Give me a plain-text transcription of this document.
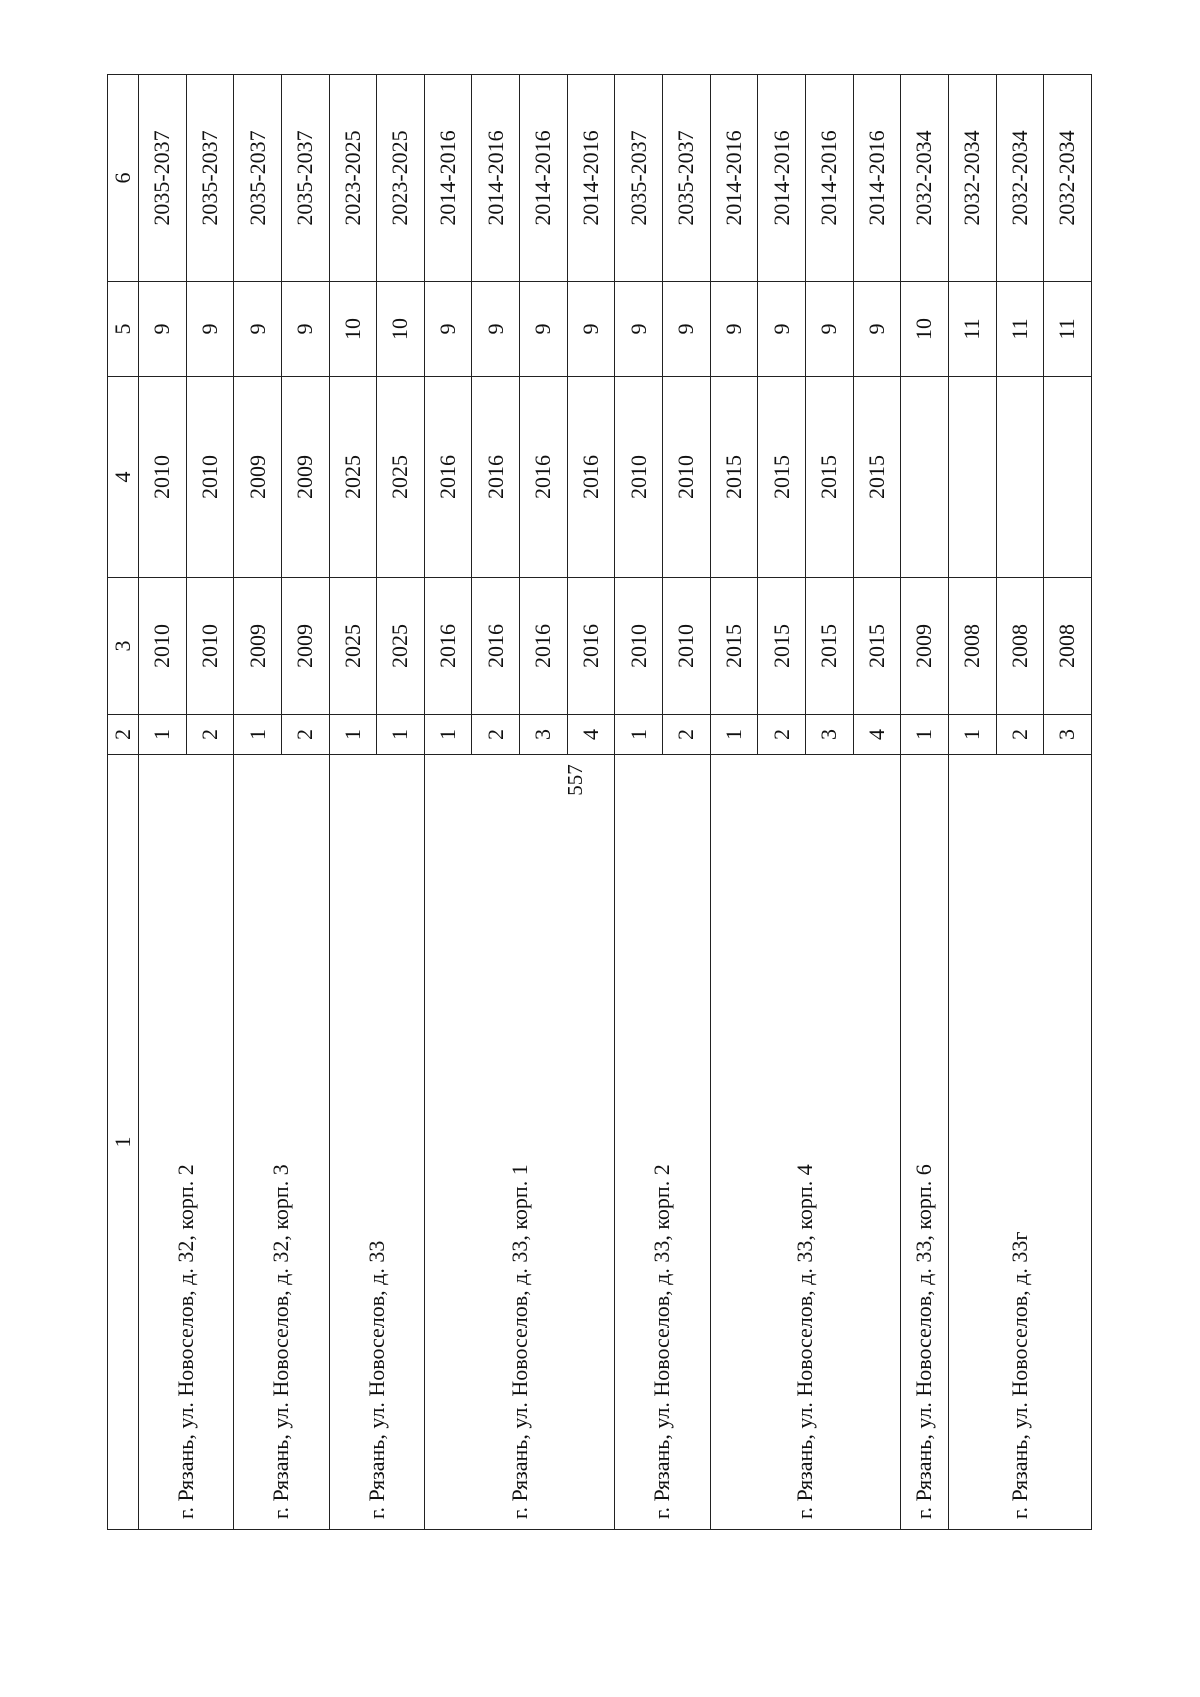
557
1	2	3	4	5	6
г. Рязань, ул. Новоселов, д. 32, корп. 2	1	2010	2010	9	2035-2037
	2	2010	2010	9	2035-2037
г. Рязань, ул. Новоселов, д. 32, корп. 3	1	2009	2009	9	2035-2037
	2	2009	2009	9	2035-2037
г. Рязань, ул. Новоселов, д. 33	1	2025	2025	10	2023-2025
	1	2025	2025	10	2023-2025
г. Рязань, ул. Новоселов, д. 33, корп. 1	1	2016	2016	9	2014-2016
	2	2016	2016	9	2014-2016
	3	2016	2016	9	2014-2016
	4	2016	2016	9	2014-2016
г. Рязань, ул. Новоселов, д. 33, корп. 2	1	2010	2010	9	2035-2037
	2	2010	2010	9	2035-2037
г. Рязань, ул. Новоселов, д. 33, корп. 4	1	2015	2015	9	2014-2016
	2	2015	2015	9	2014-2016
	3	2015	2015	9	2014-2016
	4	2015	2015	9	2014-2016
г. Рязань, ул. Новоселов, д. 33, корп. 6	1	2009		10	2032-2034
г. Рязань, ул. Новоселов, д. 33г	1	2008		11	2032-2034
	2	2008		11	2032-2034
	3	2008		11	2032-2034
